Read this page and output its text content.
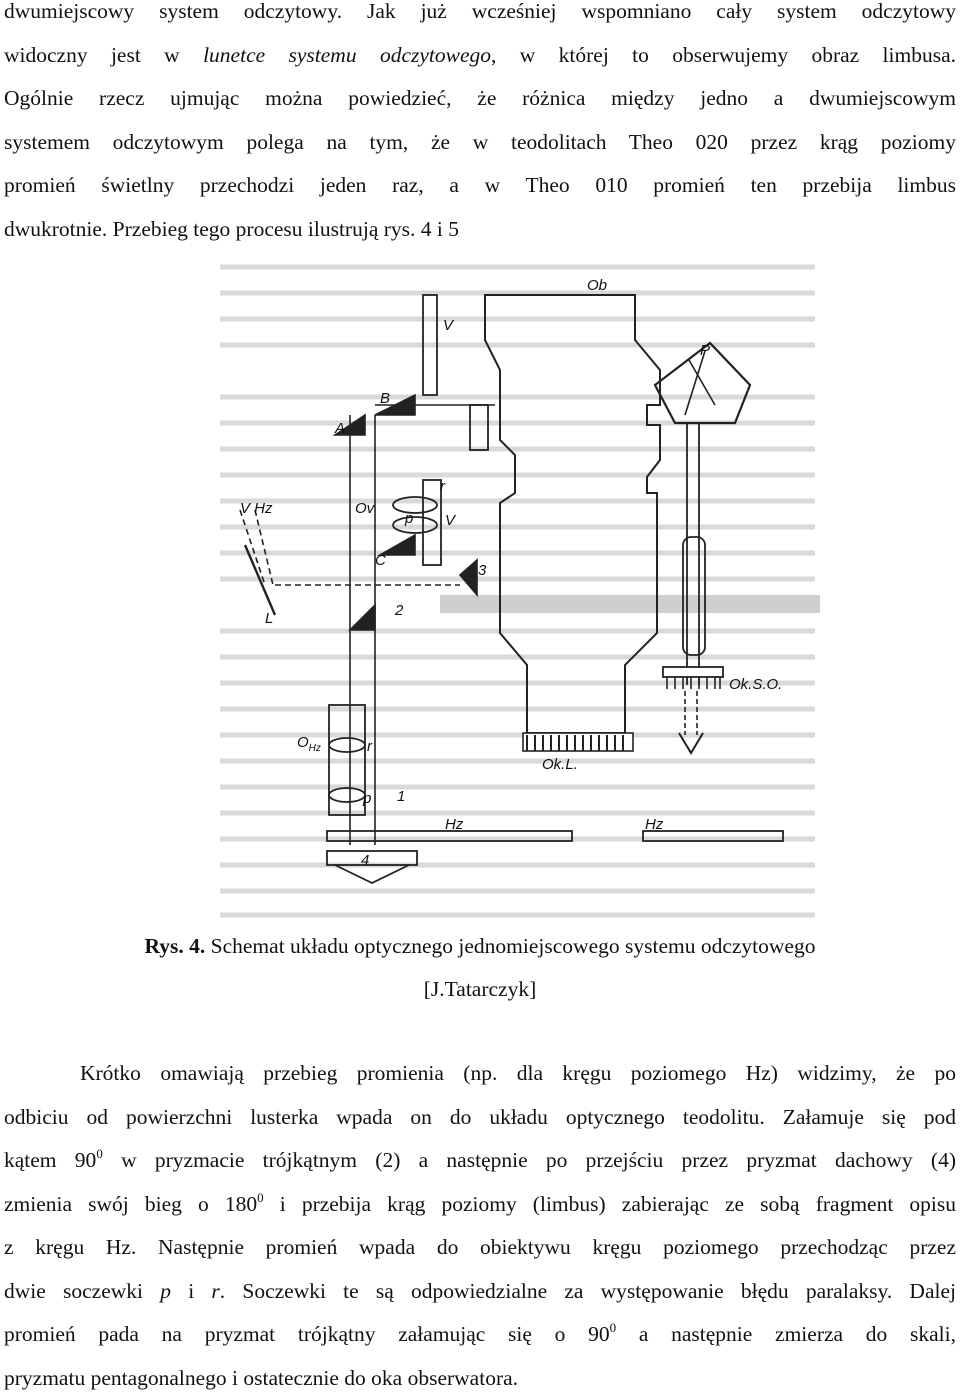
dwumiejscowy system odczytowy. Jak już wcześniej wspomniano cały system odczytowy
widoczny jest w lunetce systemu odczytowego, w której to obserwujemy obraz limbusa.
Ogólnie rzecz ujmując można powiedzieć, że różnica między jedno a dwumiejscowym
systemem odczytowym polega na tym, że w teodolitach Theo 020 przez krąg poziomy
promień świetlny przechodzi jeden raz, a w Theo 010 promień ten przebija limbus
dwukrotnie. Przebieg tego procesu ilustrują rys. 4 i 5
Ob
P
V
B
A
r
V Hz	Ov
p V
C
3
L	2
Ok.S.O.
$O_{Hz}$	r
p 1
Ok.L.
Hz	Hz
4
Rys. 4. Schemat układu optycznego jednomiejscowego systemu odczytowego
[J.Tatarczyk]
Krótko omawiają przebieg promienia (np. dla kręgu poziomego Hz) widzimy, że po
odbiciu od powierzchni lusterka wpada on do układu optycznego teodolitu. Załamuje się pod
kątem $90^0$ w pryzmacie trójkątnym (2) a następnie po przejściu przez pryzmat dachowy (4)
zmienia swój bieg o $180^0$ i przebija krąg poziomy (limbus) zabierając ze sobą fragment opisu
z kręgu Hz. Następnie promień wpada do obiektywu kręgu poziomego przechodząc przez
dwie soczewki p i r. Soczewki te są odpowiedzialne za występowanie błędu paralaksy. Dalej
promień pada na pryzmat trójkątny załamując się o $90^0$ a następnie zmierza do skali,
pryzmatu pentagonalnego i ostatecznie do oka obserwatora.
